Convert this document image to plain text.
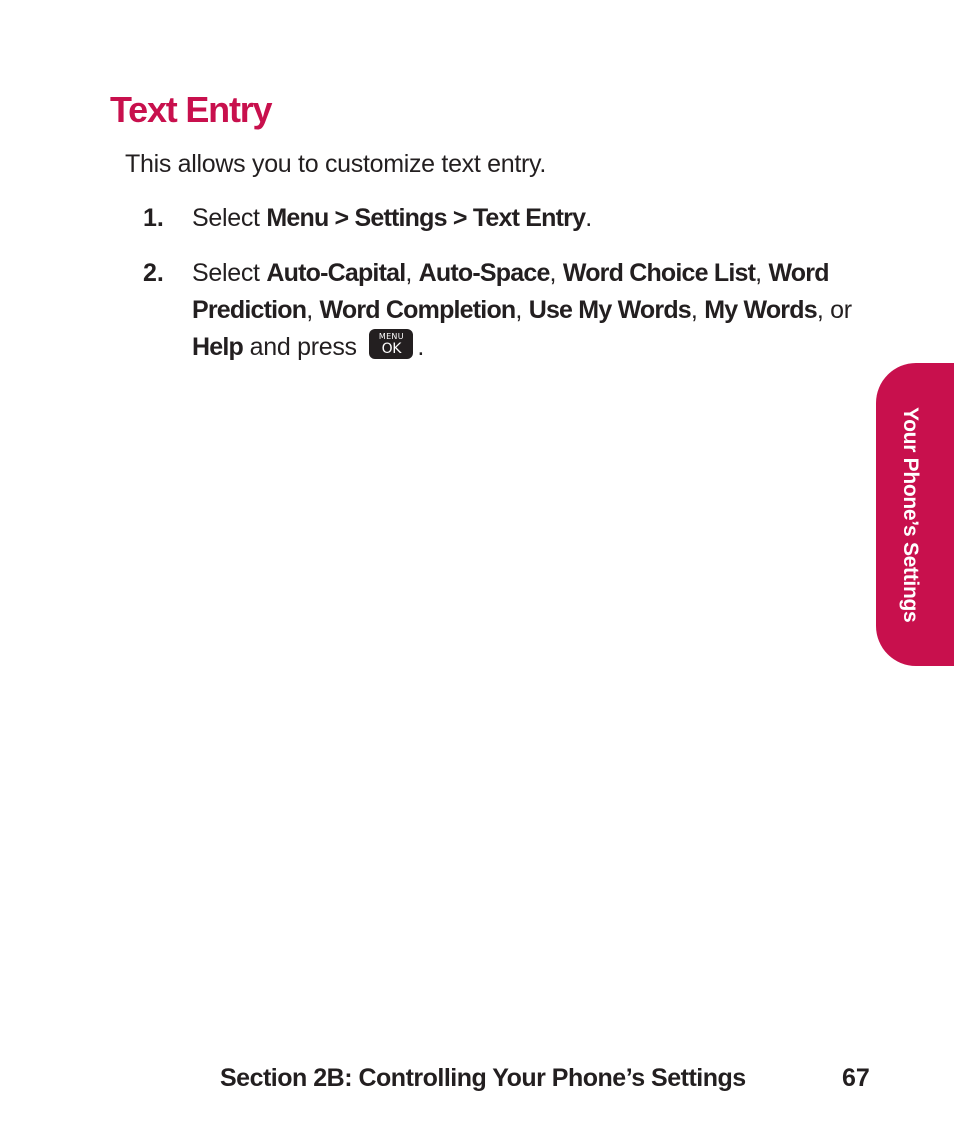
Text Entry

This allows you to customize text entry.

1.	Select Menu > Settings > Text Entry.
2.	Select Auto-Capital, Auto-Space, Word Choice List, Word Prediction, Word Completion, Use My Words, My Words, or Help and press	MENU
OK .
Your Phone’s Settings
Section 2B: Controlling Your Phone’s Settings	67
